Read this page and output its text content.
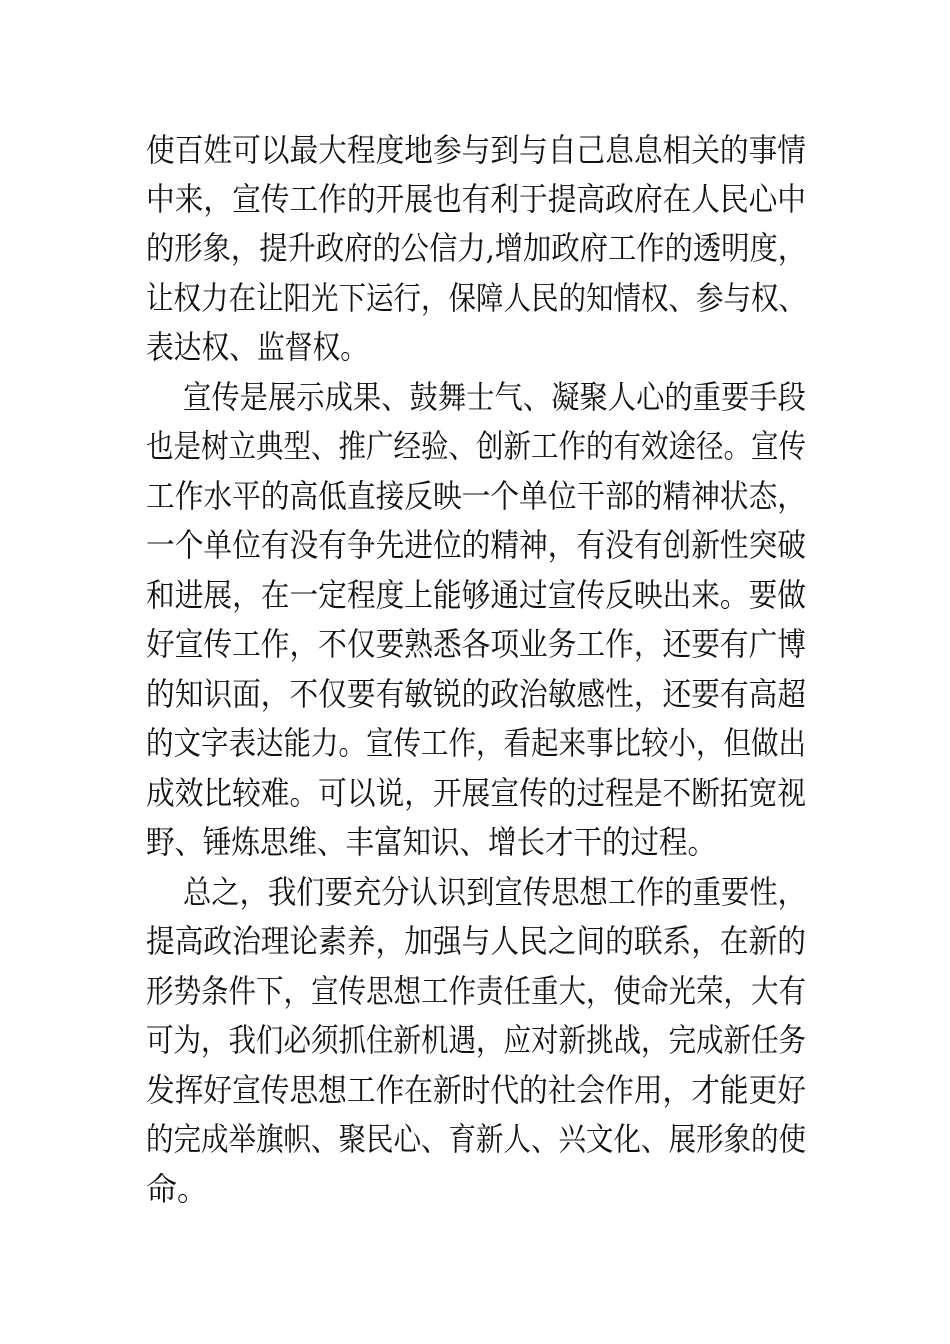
使百姓可以最大程度地参与到与自己息息相关的事情
中来，宣传工作的开展也有利于提高政府在人民心中
的形象，提升政府的公信力,增加政府工作的透明度，
让权力在让阳光下运行，保障人民的知情权、参与权、
表达权、监督权。
宣传是展示成果、鼓舞士气、凝聚人心的重要手段
也是树立典型、推广经验、创新工作的有效途径。宣传
工作水平的高低直接反映一个单位干部的精神状态，
一个单位有没有争先进位的精神，有没有创新性突破
和进展，在一定程度上能够通过宣传反映出来。要做
好宣传工作，不仅要熟悉各项业务工作，还要有广博
的知识面，不仅要有敏锐的政治敏感性，还要有高超
的文字表达能力。宣传工作，看起来事比较小，但做出
成效比较难。可以说，开展宣传的过程是不断拓宽视
野、锤炼思维、丰富知识、增长才干的过程。
总之，我们要充分认识到宣传思想工作的重要性，
提高政治理论素养，加强与人民之间的联系，在新的
形势条件下，宣传思想工作责任重大，使命光荣，大有
可为，我们必须抓住新机遇，应对新挑战，完成新任务
发挥好宣传思想工作在新时代的社会作用，才能更好
的完成举旗帜、聚民心、育新人、兴文化、展形象的使
命。
